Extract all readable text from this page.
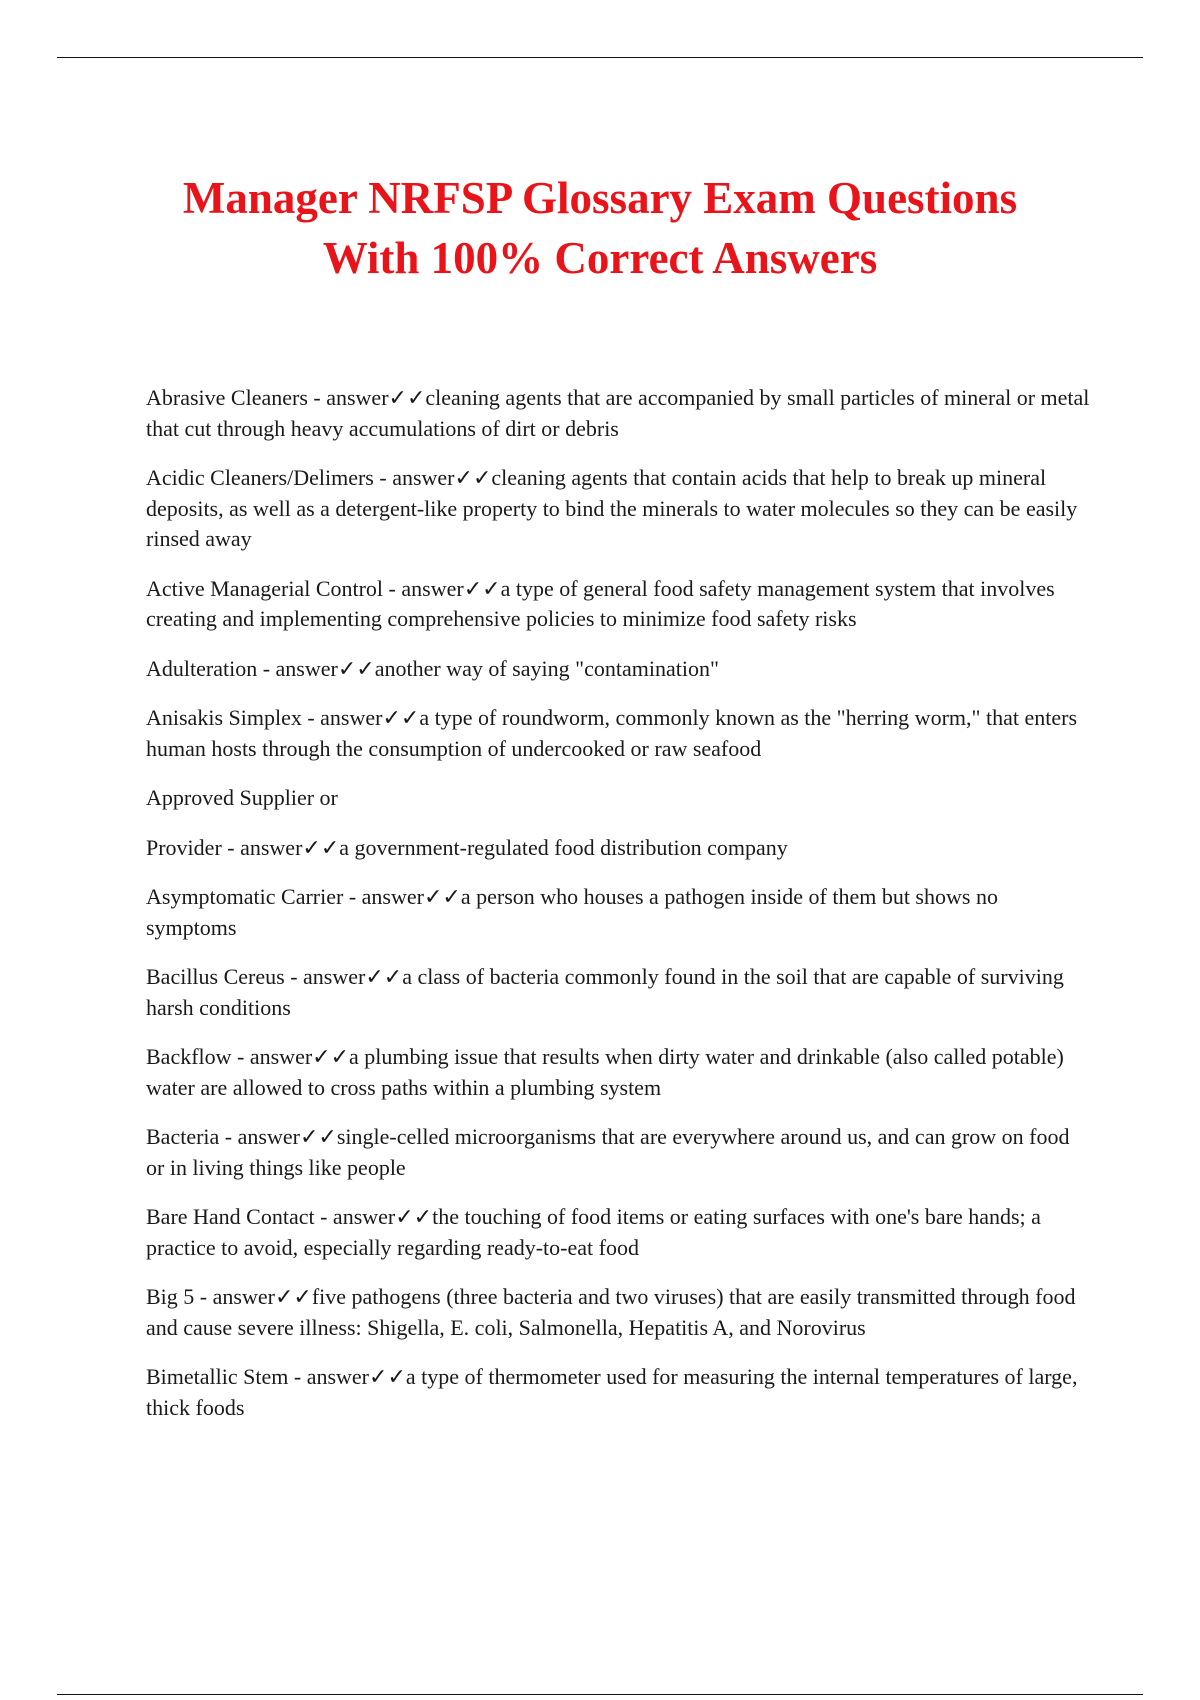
Manager NRFSP Glossary Exam Questions
With 100% Correct Answers

Abrasive Cleaners - answer✓✓cleaning agents that are accompanied by small particles of mineral or metal that cut through heavy accumulations of dirt or debris

Acidic Cleaners/Delimers - answer✓✓cleaning agents that contain acids that help to break up mineral deposits, as well as a detergent-like property to bind the minerals to water molecules so they can be easily rinsed away

Active Managerial Control - answer✓✓a type of general food safety management system that involves creating and implementing comprehensive policies to minimize food safety risks

Adulteration - answer✓✓another way of saying "contamination"

Anisakis Simplex - answer✓✓a type of roundworm, commonly known as the "herring worm," that enters human hosts through the consumption of undercooked or raw seafood

Approved Supplier or

Provider - answer✓✓a government-regulated food distribution company

Asymptomatic Carrier - answer✓✓a person who houses a pathogen inside of them but shows no symptoms

Bacillus Cereus - answer✓✓a class of bacteria commonly found in the soil that are capable of surviving harsh conditions

Backflow - answer✓✓a plumbing issue that results when dirty water and drinkable (also called potable) water are allowed to cross paths within a plumbing system

Bacteria - answer✓✓single-celled microorganisms that are everywhere around us, and can grow on food or in living things like people

Bare Hand Contact - answer✓✓the touching of food items or eating surfaces with one's bare hands; a practice to avoid, especially regarding ready-to-eat food

Big 5 - answer✓✓five pathogens (three bacteria and two viruses) that are easily transmitted through food and cause severe illness: Shigella, E. coli, Salmonella, Hepatitis A, and Norovirus

Bimetallic Stem - answer✓✓a type of thermometer used for measuring the internal temperatures of large, thick foods
